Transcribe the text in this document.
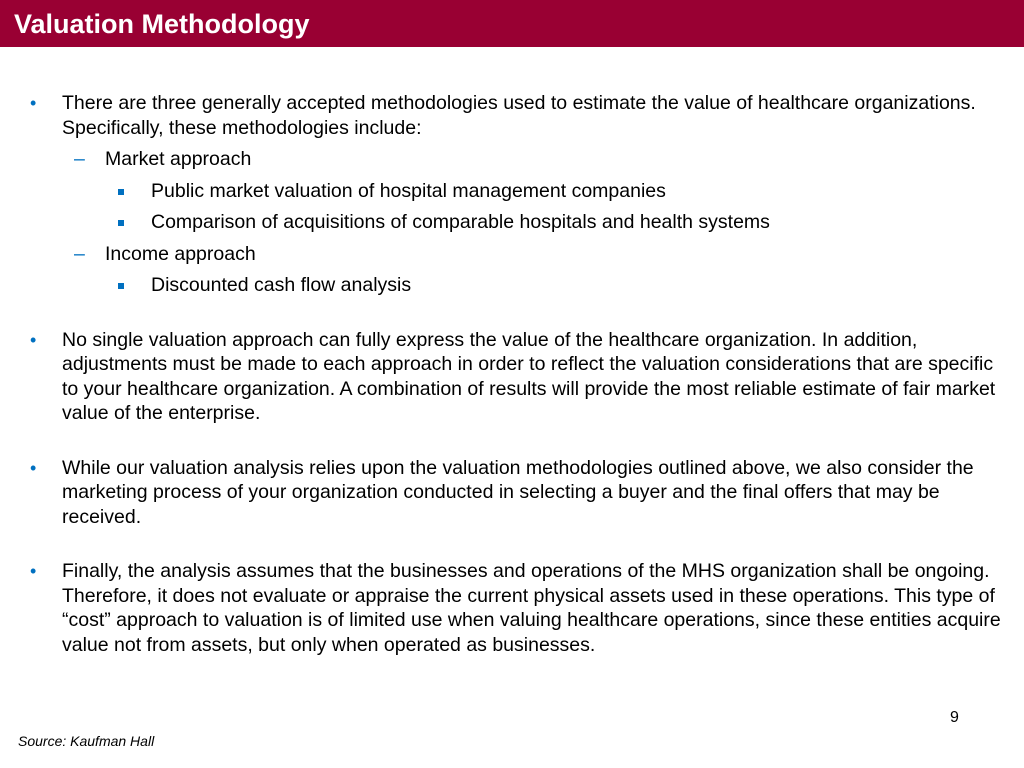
Valuation Methodology
• There are three generally accepted methodologies used to estimate the value of healthcare organizations. Specifically, these methodologies include:
– Market approach
Public market valuation of hospital management companies
Comparison of acquisitions of comparable hospitals and health systems
– Income approach
Discounted cash flow analysis
• No single valuation approach can fully express the value of the healthcare organization. In addition, adjustments must be made to each approach in order to reflect the valuation considerations that are specific to your healthcare organization. A combination of results will provide the most reliable estimate of fair market value of the enterprise.
• While our valuation analysis relies upon the valuation methodologies outlined above, we also consider the marketing process of your organization conducted in selecting a buyer and the final offers that may be received.
• Finally, the analysis assumes that the businesses and operations of the MHS organization shall be ongoing. Therefore, it does not evaluate or appraise the current physical assets used in these operations. This type of “cost” approach to valuation is of limited use when valuing healthcare operations, since these entities acquire value not from assets, but only when operated as businesses.
9
Source: Kaufman Hall
